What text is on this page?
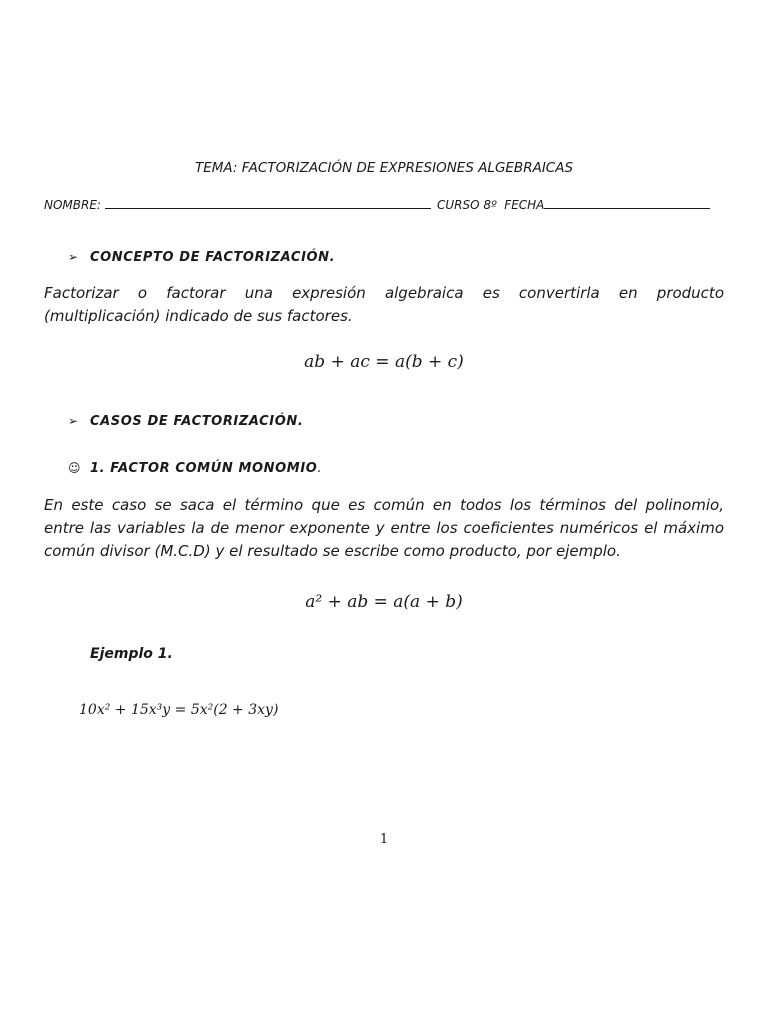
TEMA: FACTORIZACIÓN DE EXPRESIONES ALGEBRAICAS
NOMBRE:	CURSO 8º FECHA
➢ CONCEPTO DE FACTORIZACIÓN.
Factorizar o factorar una expresión algebraica es convertirla en producto
(multiplicación) indicado de sus factores.
ab + ac = a(b + c)
➢ CASOS DE FACTORIZACIÓN.
☺ 1. FACTOR COMÚN MONOMIO.
En este caso se saca el término que es común en todos los términos del polinomio,
entre las variables la de menor exponente y entre los coeficientes numéricos el máximo
común divisor (M.C.D) y el resultado se escribe como producto, por ejemplo.
a² + ab = a(a + b)
Ejemplo 1.
10x² + 15x³y = 5x²(2 + 3xy)
1
